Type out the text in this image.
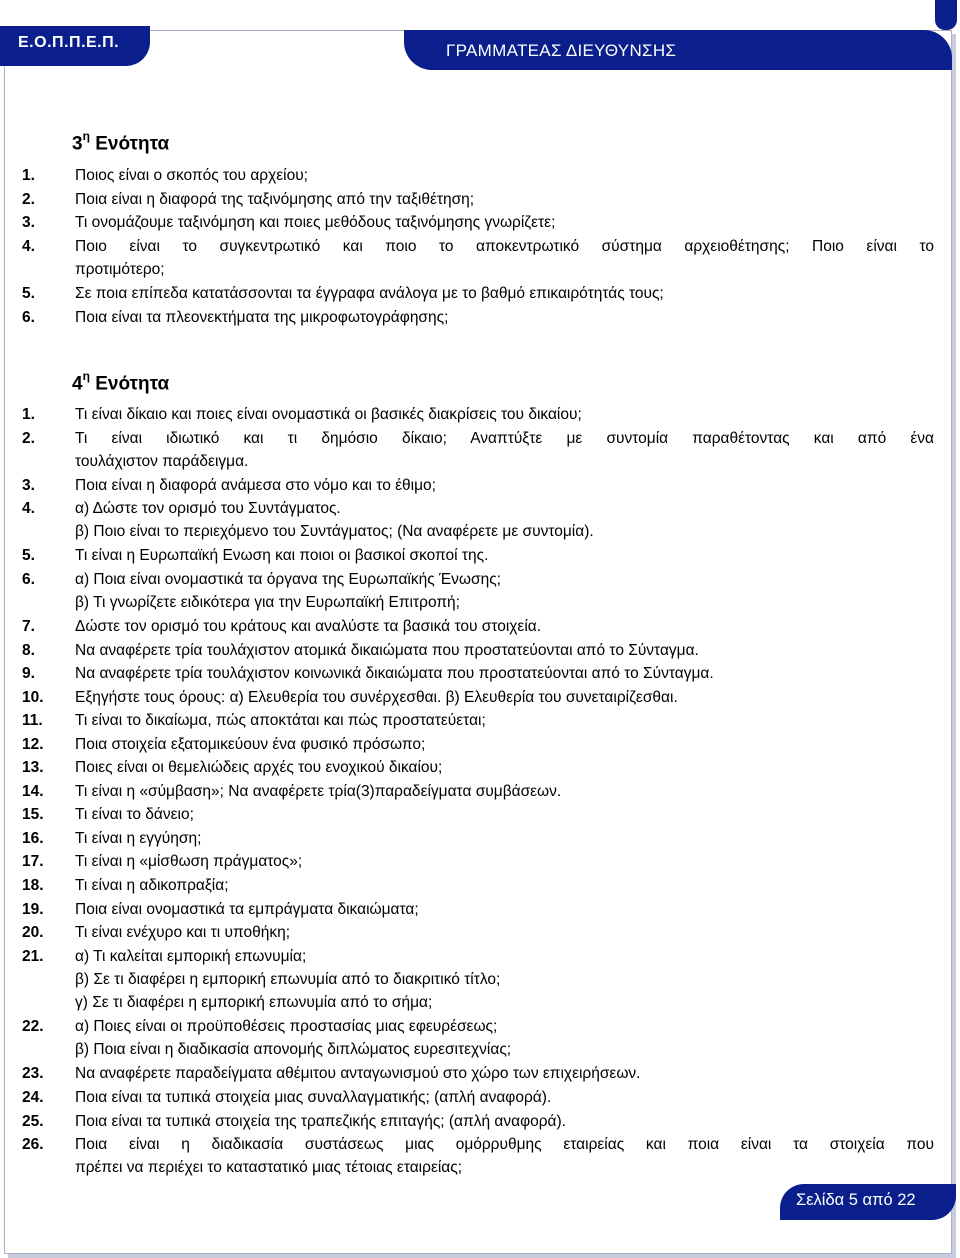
Ε.Ο.Π.Π.Ε.Π.	ΓΡΑΜΜΑΤΕΑΣ ΔΙΕΥΘΥΝΣΗΣ
$3^\eta$ Ενότητα
1.	Ποιος είναι ο σκοπός του αρχείου;
2.	Ποια είναι η διαφορά της ταξινόμησης από την ταξιθέτηση;
3.	Τι ονομάζουμε ταξινόμηση και ποιες μεθόδους ταξινόμησης γνωρίζετε;
4.	Ποιο είναι το συγκεντρωτικό και ποιο το αποκεντρωτικό σύστημα αρχειοθέτησης; Ποιο είναι το
προτιμότερο;
5.	Σε ποια επίπεδα κατατάσσονται τα έγγραφα ανάλογα με το βαθμό επικαιρότητάς τους;
6.	Ποια είναι τα πλεονεκτήματα της μικροφωτογράφησης;
$4^\eta$ Ενότητα
1.	Τι είναι δίκαιο και ποιες είναι ονομαστικά οι βασικές διακρίσεις του δικαίου;
2.	Τι είναι ιδιωτικό και τι δημόσιο δίκαιο; Αναπτύξτε με συντομία παραθέτοντας και από ένα
τουλάχιστον παράδειγμα.
3.	Ποια είναι η διαφορά ανάμεσα στο νόμο και το έθιμο;
4.	α) Δώστε τον ορισμό του Συντάγματος.
β) Ποιο είναι το περιεχόμενο του Συντάγματος; (Να αναφέρετε με συντομία).
5.	Τι είναι η Ευρωπαϊκή Ενωση και ποιοι οι βασικοί σκοποί της.
6.	α) Ποια είναι ονομαστικά τα όργανα της Ευρωπαϊκής Ένωσης;
β) Τι γνωρίζετε ειδικότερα για την Ευρωπαϊκή Επιτροπή;
7.	Δώστε τον ορισμό του κράτους και αναλύστε τα βασικά του στοιχεία.
8.	Να αναφέρετε τρία τουλάχιστον ατομικά δικαιώματα που προστατεύονται από το Σύνταγμα.
9.	Να αναφέρετε τρία τουλάχιστον κοινωνικά δικαιώματα που προστατεύονται από το Σύνταγμα.
10.	Εξηγήστε τους όρους: α) Ελευθερία του συνέρχεσθαι. β) Ελευθερία του συνεταιρίζεσθαι.
11.	Τι είναι το δικαίωμα, πώς αποκτάται και πώς προστατεύεται;
12.	Ποια στοιχεία εξατομικεύουν ένα φυσικό πρόσωπο;
13.	Ποιες είναι οι θεμελιώδεις αρχές του ενοχικού δικαίου;
14.	Τι είναι η «σύμβαση»; Να αναφέρετε τρία(3)παραδείγματα συμβάσεων.
15.	Τι είναι το δάνειο;
16.	Τι είναι η εγγύηση;
17.	Τι είναι η «μίσθωση πράγματος»;
18.	Τι είναι η αδικοπραξία;
19.	Ποια είναι ονομαστικά τα εμπράγματα δικαιώματα;
20.	Τι είναι ενέχυρο και τι υποθήκη;
21.	α) Τι καλείται εμπορική επωνυμία;
β) Σε τι διαφέρει η εμπορική επωνυμία από το διακριτικό τίτλο;
γ) Σε τι διαφέρει η εμπορική επωνυμία από το σήμα;
22.	α) Ποιες είναι οι προϋποθέσεις προστασίας μιας εφευρέσεως;
β) Ποια είναι η διαδικασία απονομής διπλώματος ευρεσιτεχνίας;
23.	Να αναφέρετε παραδείγματα αθέμιτου ανταγωνισμού στο χώρο των επιχειρήσεων.
24.	Ποια είναι τα τυπικά στοιχεία μιας συναλλαγματικής; (απλή αναφορά).
25.	Ποια είναι τα τυπικά στοιχεία της τραπεζικής επιταγής; (απλή αναφορά).
26.	Ποια είναι η διαδικασία συστάσεως μιας ομόρρυθμης εταιρείας και ποια είναι τα στοιχεία που
πρέπει να περιέχει το καταστατικό μιας τέτοιας εταιρείας;
Σελίδα 5 από 22
